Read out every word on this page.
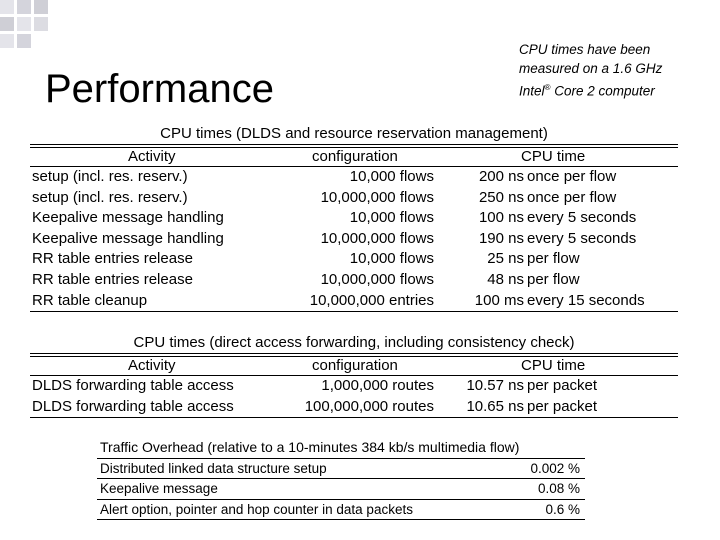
Performance
CPU times have been
measured on a 1.6 GHz
Intel® Core 2 computer
CPU times (DLDS and resource reservation management)
Activity	configuration	CPU time
setup (incl. res. reserv.)	10,000 flows	200 ns once per flow
setup (incl. res. reserv.)	10,000,000 flows	250 ns once per flow
Keepalive message handling	10,000 flows	100 ns every 5 seconds
Keepalive message handling	10,000,000 flows	190 ns every 5 seconds
RR table entries release	10,000 flows	25 ns per flow
RR table entries release	10,000,000 flows	48 ns per flow
RR table cleanup	10,000,000 entries	100 ms every 15 seconds
CPU times (direct access forwarding, including consistency check)
Activity	configuration	CPU time
DLDS forwarding table access	1,000,000 routes 10.57 ns per packet
DLDS forwarding table access	100,000,000 routes 10.65 ns per packet
Traffic Overhead (relative to a 10-minutes 384 kb/s multimedia flow)
Distributed linked data structure setup	0.002 %
Keepalive message	0.08 %
Alert option, pointer and hop counter in data packets	0.6 %
